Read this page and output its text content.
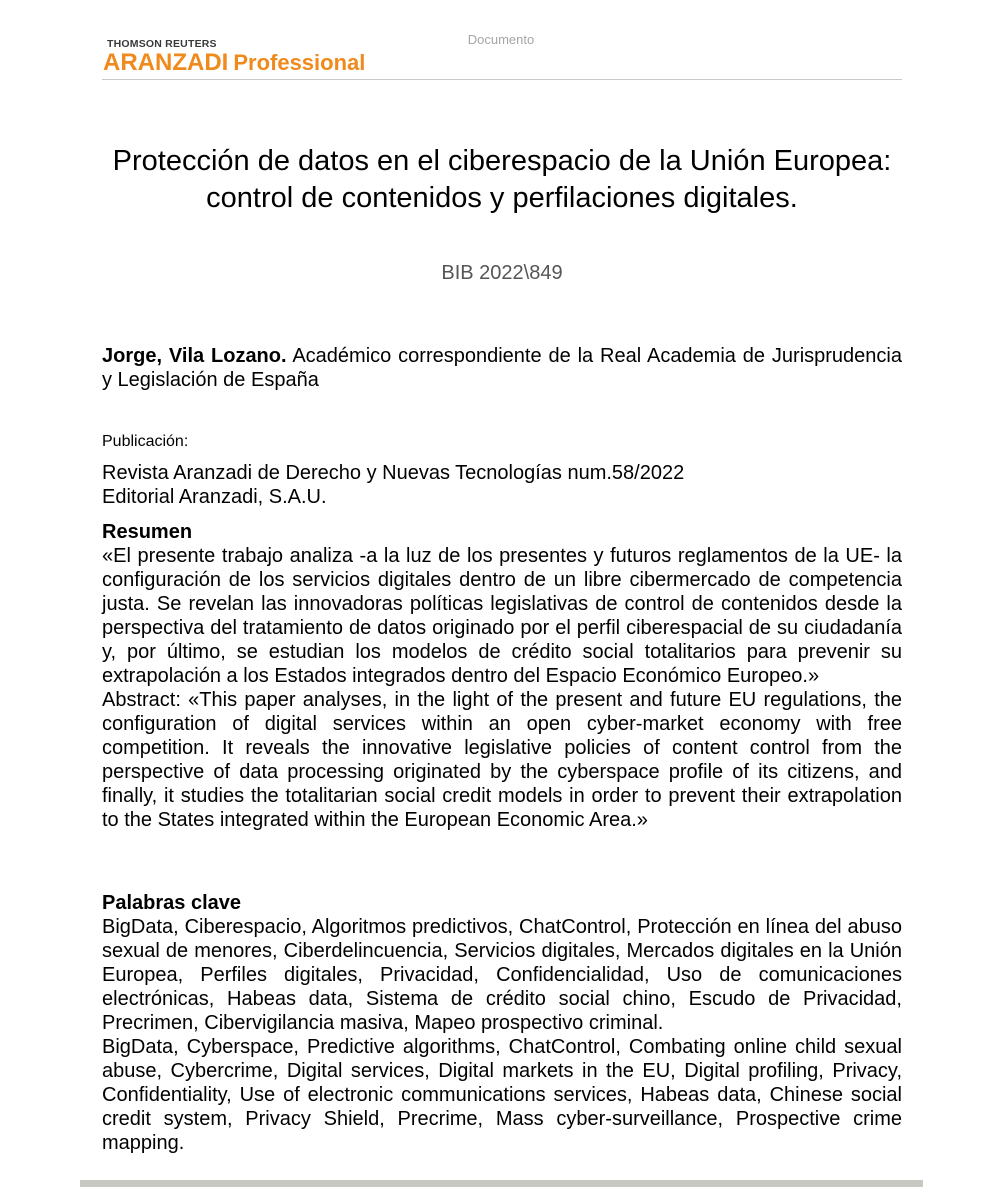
THOMSON REUTERS
ARANZADI Professional
Documento
Protección de datos en el ciberespacio de la Unión Europea: control de contenidos y perfilaciones digitales.
BIB 2022\849
Jorge, Vila Lozano. Académico correspondiente de la Real Academia de Jurisprudencia y Legislación de España
Publicación:
Revista Aranzadi de Derecho y Nuevas Tecnologías num.58/2022
Editorial Aranzadi, S.A.U.
Resumen

«El presente trabajo analiza -a la luz de los presentes y futuros reglamentos de la UE- la configuración de los servicios digitales dentro de un libre cibermercado de competencia justa. Se revelan las innovadoras políticas legislativas de control de contenidos desde la perspectiva del tratamiento de datos originado por el perfil ciberespacial de su ciudadanía y, por último, se estudian los modelos de crédito social totalitarios para prevenir su extrapolación a los Estados integrados dentro del Espacio Económico Europeo.»

Abstract: «This paper analyses, in the light of the present and future EU regulations, the configuration of digital services within an open cyber-market economy with free competition. It reveals the innovative legislative policies of content control from the perspective of data processing originated by the cyberspace profile of its citizens, and finally, it studies the totalitarian social credit models in order to prevent their extrapolation to the States integrated within the European Economic Area.»

Palabras clave

BigData, Ciberespacio, Algoritmos predictivos, ChatControl, Protección en línea del abuso sexual de menores, Ciberdelincuencia, Servicios digitales, Mercados digitales en la Unión Europea, Perfiles digitales, Privacidad, Confidencialidad, Uso de comunicaciones electrónicas, Habeas data, Sistema de crédito social chino, Escudo de Privacidad, Precrimen, Cibervigilancia masiva, Mapeo prospectivo criminal.

BigData, Cyberspace, Predictive algorithms, ChatControl, Combating online child sexual abuse, Cybercrime, Digital services, Digital markets in the EU, Digital profiling, Privacy, Confidentiality, Use of electronic communications services, Habeas data, Chinese social credit system, Privacy Shield, Precrime, Mass cyber-surveillance, Prospective crime mapping.
